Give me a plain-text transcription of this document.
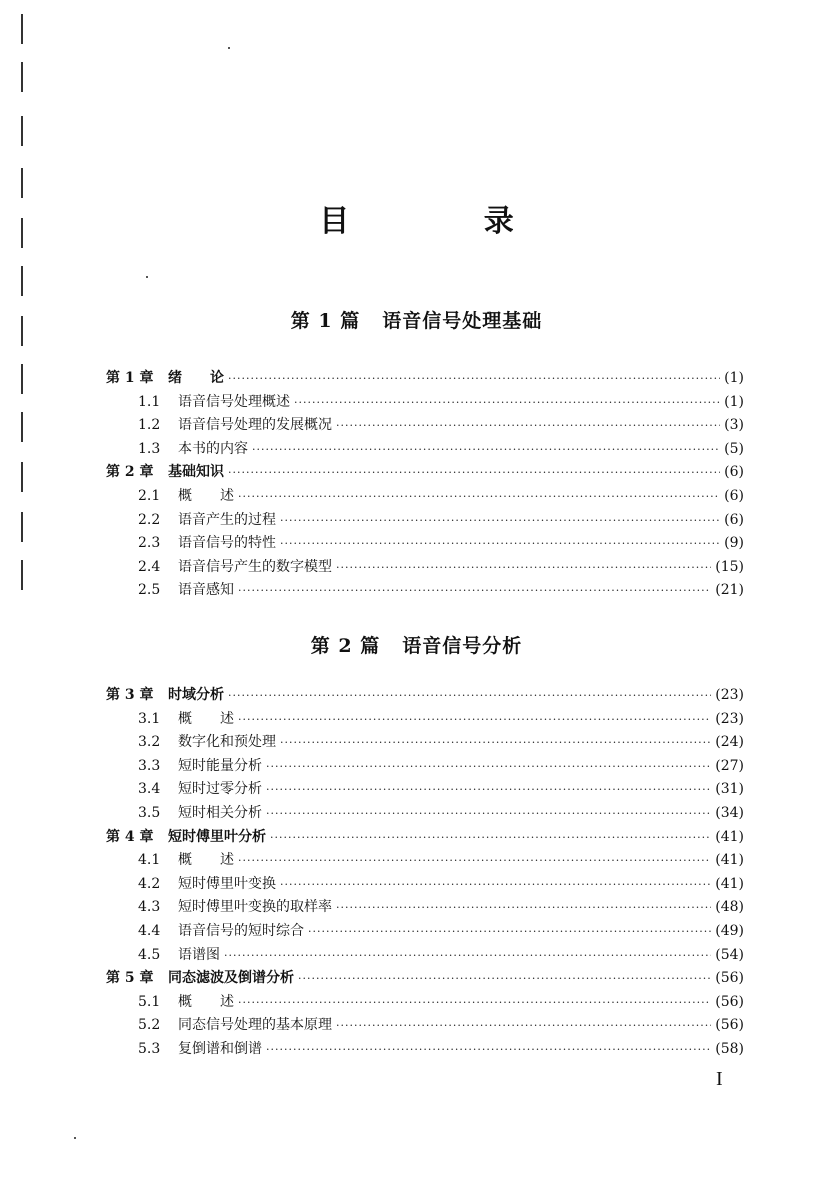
目 录
第 1 篇 语音信号处理基础
第 1 章	绪　　论 ·····	(1)
1.1	语音信号处理概述 ·····	(1)
1.2	语音信号处理的发展概况 ·····	(3)
1.3	本书的内容 ·····	(5)
第 2 章	基础知识 ·····	(6)
2.1	概　　述 ·····	(6)
2.2	语音产生的过程 ·····	(6)
2.3	语音信号的特性 ·····	(9)
2.4	语音信号产生的数字模型 ·····	(15)
2.5	语音感知 ·····	(21)
第 2 篇 语音信号分析
第 3 章	时域分析 ·····	(23)
3.1	概　　述 ·····	(23)
3.2	数字化和预处理 ·····	(24)
3.3	短时能量分析 ·····	(27)
3.4	短时过零分析 ·····	(31)
3.5	短时相关分析 ·····	(34)
第 4 章	短时傅里叶分析 ·····	(41)
4.1	概　　述 ·····	(41)
4.2	短时傅里叶变换 ·····	(41)
4.3	短时傅里叶变换的取样率 ·····	(48)
4.4	语音信号的短时综合 ·····	(49)
4.5	语谱图 ·····	(54)
第 5 章	同态滤波及倒谱分析 ·····	(56)
5.1	概　　述 ·····	(56)
5.2	同态信号处理的基本原理 ·····	(56)
5.3	复倒谱和倒谱 ·····	(58)
I
